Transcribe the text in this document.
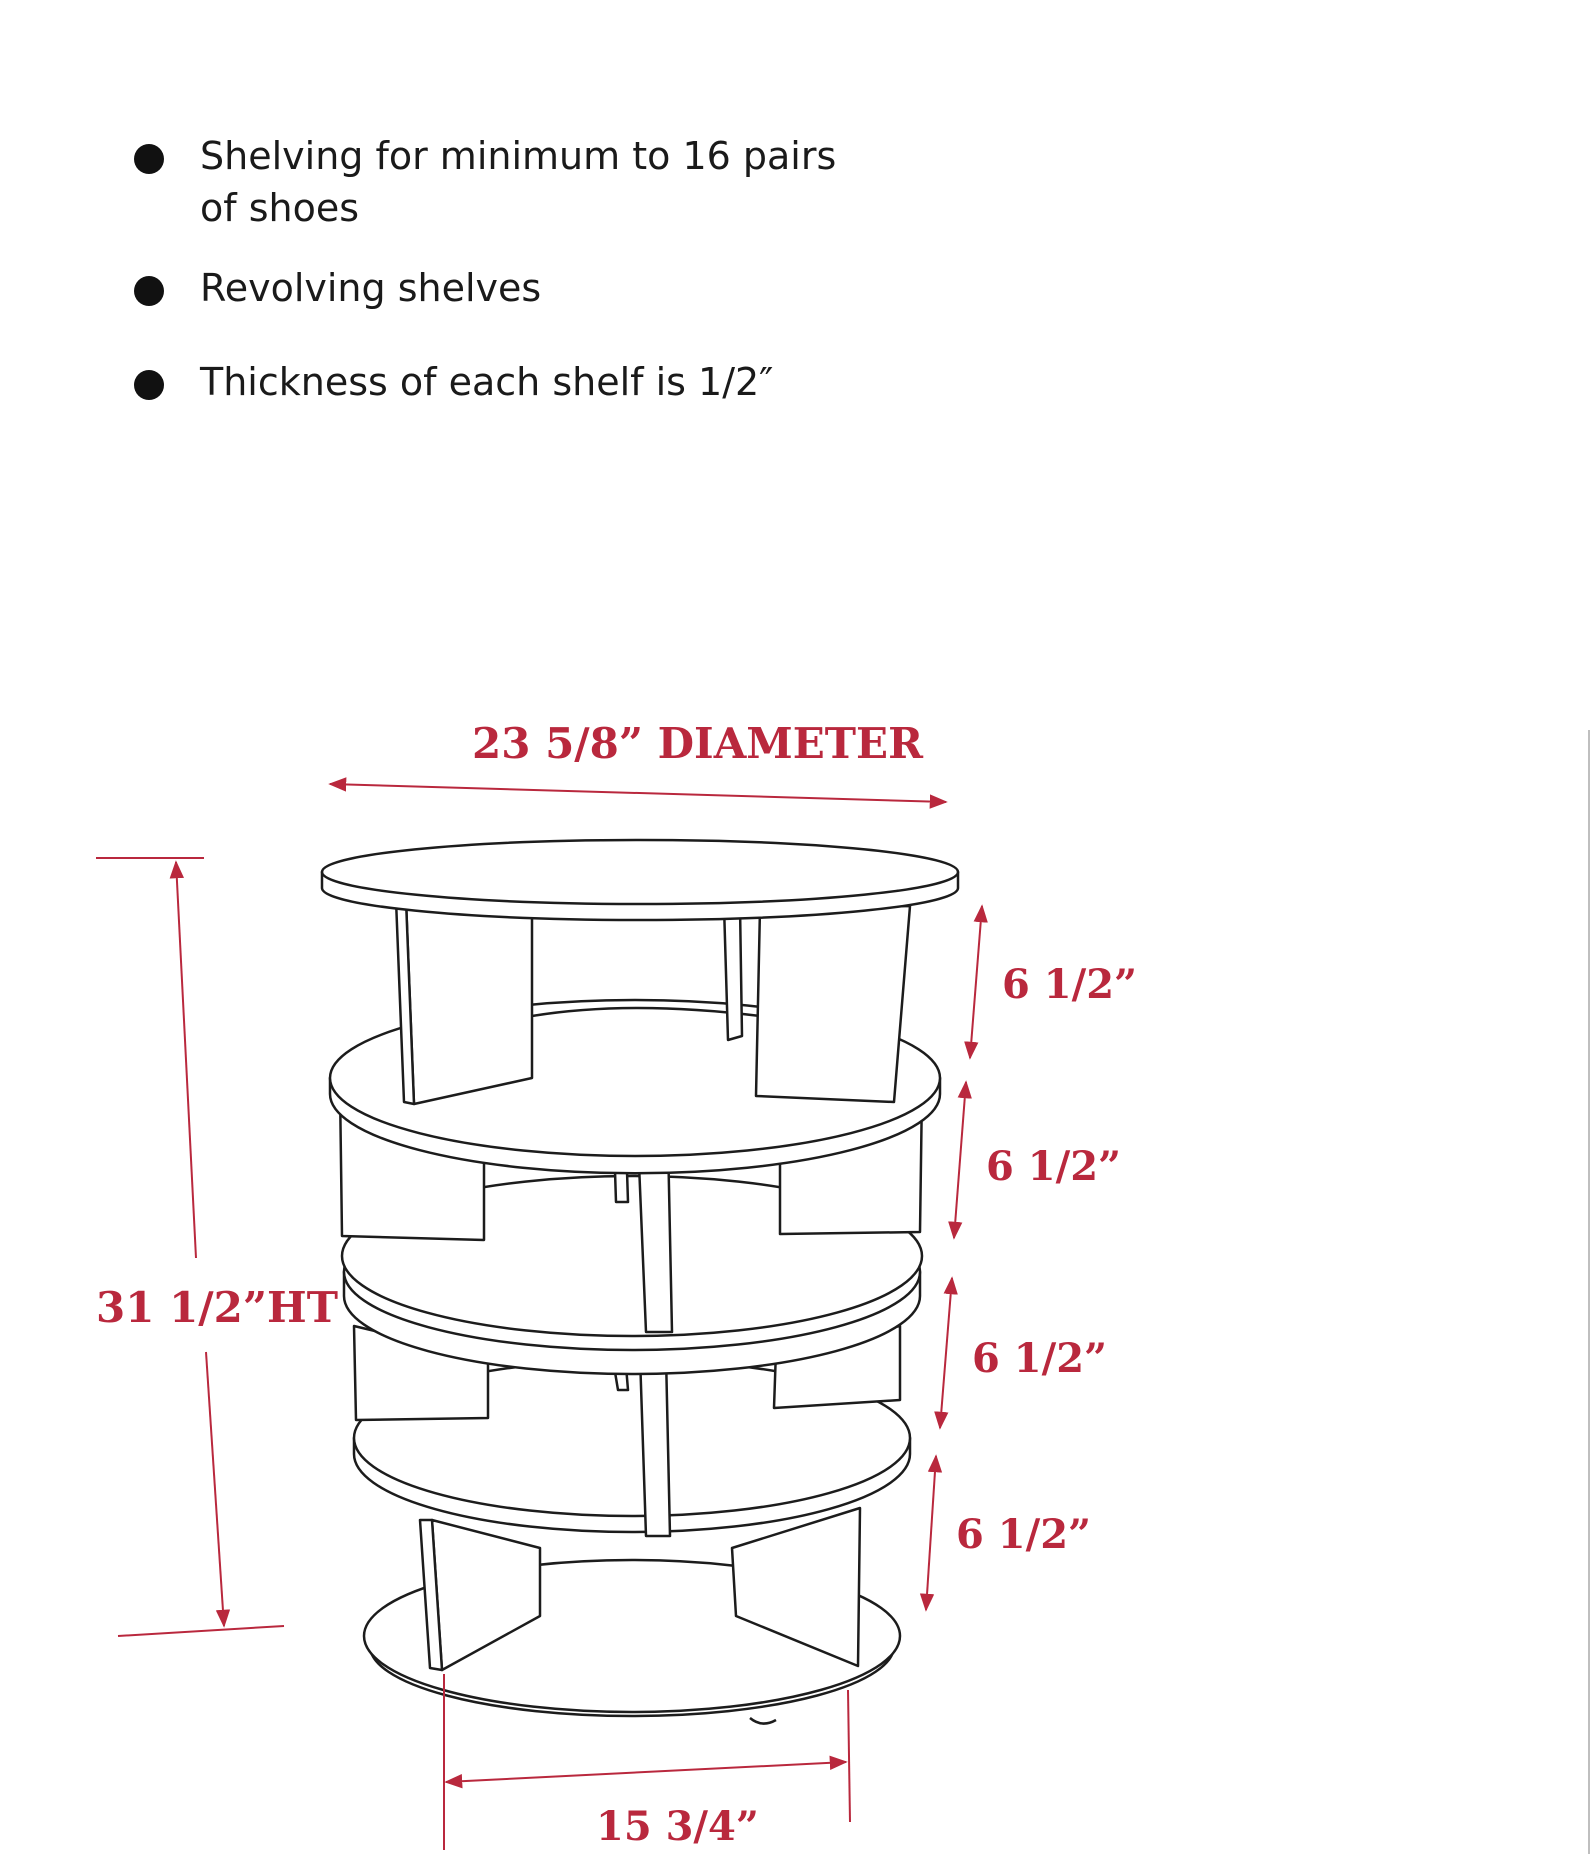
Shelving for minimum to 16 pairs
of shoes
Revolving shelves
Thickness of each shelf is 1/2″
23 5/8” DIAMETER
31 1/2”HT
6 1/2”
6 1/2”
6 1/2”
6 1/2”
15 3/4”
